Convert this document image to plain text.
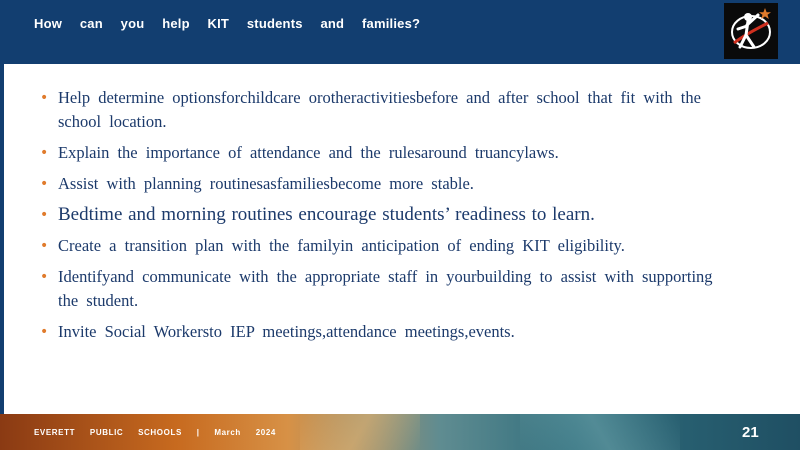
How can you help KIT students and families?
• Help determine optionsforchildcare orotheractivitiesbefore and after school that fit with the school location.
• Explain the importance of attendance and the rulesaround truancylaws.
• Assist with planning routinesasfamiliesbecome more stable.
• Bedtime and morning routines encourage students’ readiness to learn.
• Create a transition plan with the familyin anticipation of ending KIT eligibility.
• Identifyand communicate with the appropriate staff in yourbuilding to assist with supporting the student.
• Invite Social Workersto IEP meetings,attendance meetings,events.
EVERETT PUBLIC SCHOOLS | March 2024	21
